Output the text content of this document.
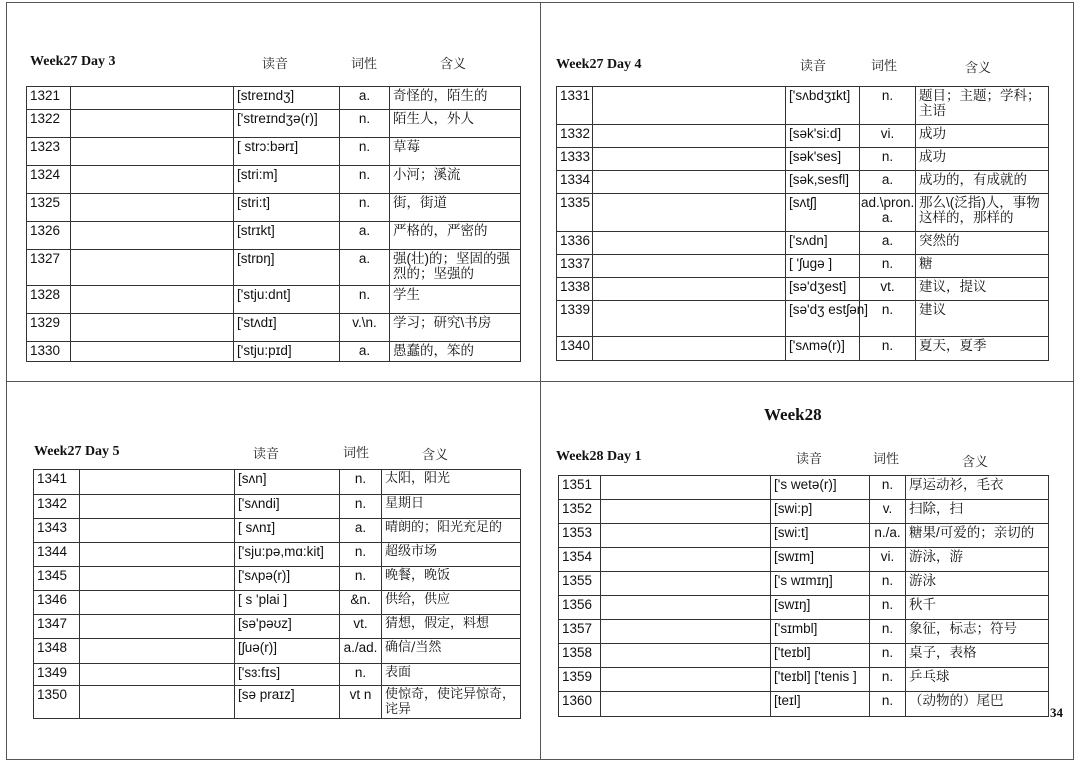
Week27 Day 3	读音	词性	含义
1321		[streɪndʒ]	a.	奇怪的，陌生的
1322		['streɪndʒə(r)]	n.	陌生人，外人
1323		[ strɔ:bərɪ]	n.	草莓
1324		[stri:m]	n.	小河；溪流
1325		[stri:t]	n.	街，街道
1326		[strɪkt]	a.	严格的，严密的
1327		[strɒŋ]	a.	强(壮)的；坚固的强烈的；坚强的
1328		['stju:dnt]	n.	学生
1329		['stʌdɪ]	v.\n.	学习；研究\书房
1330		['stju:pɪd]	a.	愚蠢的，笨的
Week27 Day 4	读音	词性	含义
1331		['sʌbdʒɪkt]	n.	题目；主题；学科；主语
1332		[sək'si:d]	vi.	成功
1333		[sək'ses]	n.	成功
1334		[sək,sesfl]	a.	成功的，有成就的
1335		[sʌtʃ]	ad.\pron. a.	那么\(泛指)人，事物 这样的，那样的
1336		['sʌdn]	a.	突然的
1337		[ 'ʃugə ]	n.	糖
1338		[sə'dʒest]	vt.	建议，提议
1339		[sə'dʒ estʃən]	n.	建议
1340		['sʌmə(r)]	n.	夏天，夏季
Week27 Day 5	读音	词性	含义
1341		[sʌn]	n.	太阳，阳光
1342		['sʌndi]	n.	星期日
1343		[ sʌnɪ]	a.	晴朗的；阳光充足的
1344		['sju:pə,mɑ:kit]	n.	超级市场
1345		['sʌpə(r)]	n.	晚餐，晚饭
1346		[ s 'plai ]	&n.	供给，供应
1347		[sə'pəʊz]	vt.	猜想，假定，料想
1348		[ʃuə(r)]	a./ad.	确信/当然
1349		['sɜ:fɪs]	n.	表面
1350		[sə praɪz]	vt n	使惊奇，使诧异惊奇，诧异
Week28
Week28 Day 1	读音	词性	含义
1351		['s wetə(r)]	n.	厚运动衫，毛衣
1352		[swi:p]	v.	扫除，扫
1353		[swi:t]	n./a.	糖果/可爱的；亲切的
1354		[swɪm]	vi.	游泳，游
1355		['s wɪmɪŋ]	n.	游泳
1356		[swɪŋ]	n.	秋千
1357		['sɪmbl]	n.	象征，标志；符号
1358		['teɪbl]	n.	桌子，表格
1359		['teɪbl] ['tenis ]	n.	乒乓球
1360		[teɪl]	n.	（动物的）尾巴
34
